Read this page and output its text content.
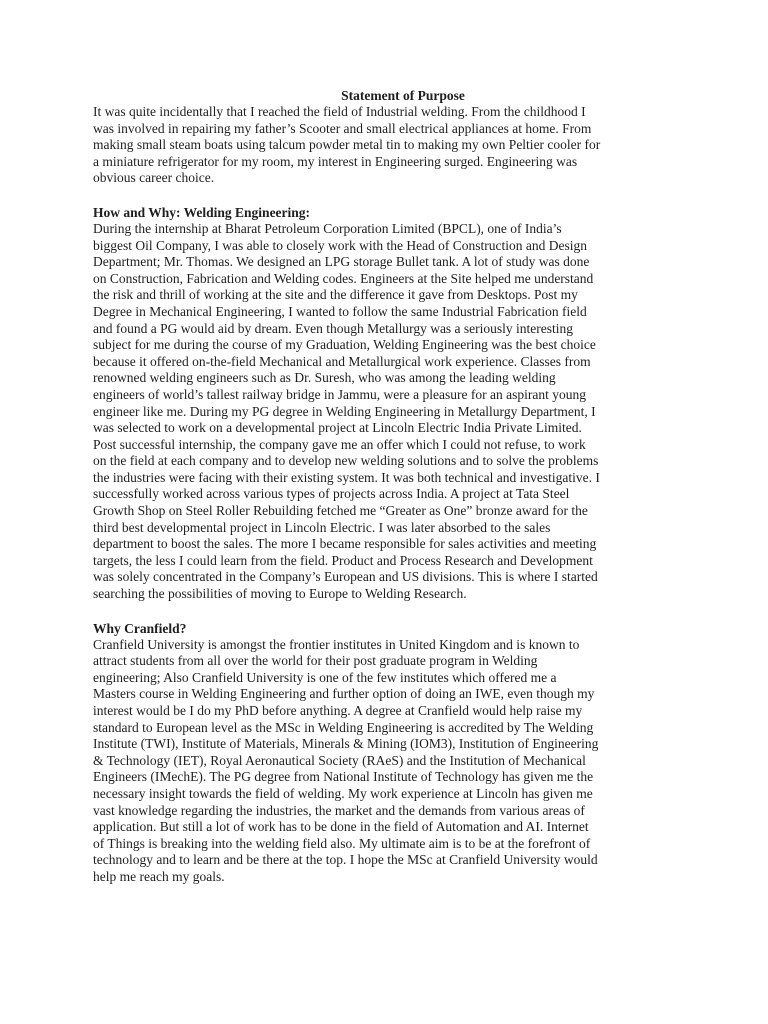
Statement of Purpose

It was quite incidentally that I reached the field of Industrial welding. From the childhood I
was involved in repairing my father’s Scooter and small electrical appliances at home. From
making small steam boats using talcum powder metal tin to making my own Peltier cooler for
a miniature refrigerator for my room, my interest in Engineering surged. Engineering was
obvious career choice.

How and Why: Welding Engineering:

During the internship at Bharat Petroleum Corporation Limited (BPCL), one of India’s
biggest Oil Company, I was able to closely work with the Head of Construction and Design
Department; Mr. Thomas. We designed an LPG storage Bullet tank. A lot of study was done
on Construction, Fabrication and Welding codes. Engineers at the Site helped me understand
the risk and thrill of working at the site and the difference it gave from Desktops. Post my
Degree in Mechanical Engineering, I wanted to follow the same Industrial Fabrication field
and found a PG would aid by dream. Even though Metallurgy was a seriously interesting
subject for me during the course of my Graduation, Welding Engineering was the best choice
because it offered on-the-field Mechanical and Metallurgical work experience. Classes from
renowned welding engineers such as Dr. Suresh, who was among the leading welding
engineers of world’s tallest railway bridge in Jammu, were a pleasure for an aspirant young
engineer like me. During my PG degree in Welding Engineering in Metallurgy Department, I
was selected to work on a developmental project at Lincoln Electric India Private Limited.
Post successful internship, the company gave me an offer which I could not refuse, to work
on the field at each company and to develop new welding solutions and to solve the problems
the industries were facing with their existing system. It was both technical and investigative. I
successfully worked across various types of projects across India. A project at Tata Steel
Growth Shop on Steel Roller Rebuilding fetched me “Greater as One” bronze award for the
third best developmental project in Lincoln Electric. I was later absorbed to the sales
department to boost the sales. The more I became responsible for sales activities and meeting
targets, the less I could learn from the field. Product and Process Research and Development
was solely concentrated in the Company’s European and US divisions. This is where I started
searching the possibilities of moving to Europe to Welding Research.

Why Cranfield?

Cranfield University is amongst the frontier institutes in United Kingdom and is known to
attract students from all over the world for their post graduate program in Welding
engineering; Also Cranfield University is one of the few institutes which offered me a
Masters course in Welding Engineering and further option of doing an IWE, even though my
interest would be I do my PhD before anything. A degree at Cranfield would help raise my
standard to European level as the MSc in Welding Engineering is accredited by The Welding
Institute (TWI), Institute of Materials, Minerals & Mining (IOM3), Institution of Engineering
& Technology (IET), Royal Aeronautical Society (RAeS) and the Institution of Mechanical
Engineers (IMechE). The PG degree from National Institute of Technology has given me the
necessary insight towards the field of welding. My work experience at Lincoln has given me
vast knowledge regarding the industries, the market and the demands from various areas of
application. But still a lot of work has to be done in the field of Automation and AI. Internet
of Things is breaking into the welding field also. My ultimate aim is to be at the forefront of
technology and to learn and be there at the top. I hope the MSc at Cranfield University would
help me reach my goals.
